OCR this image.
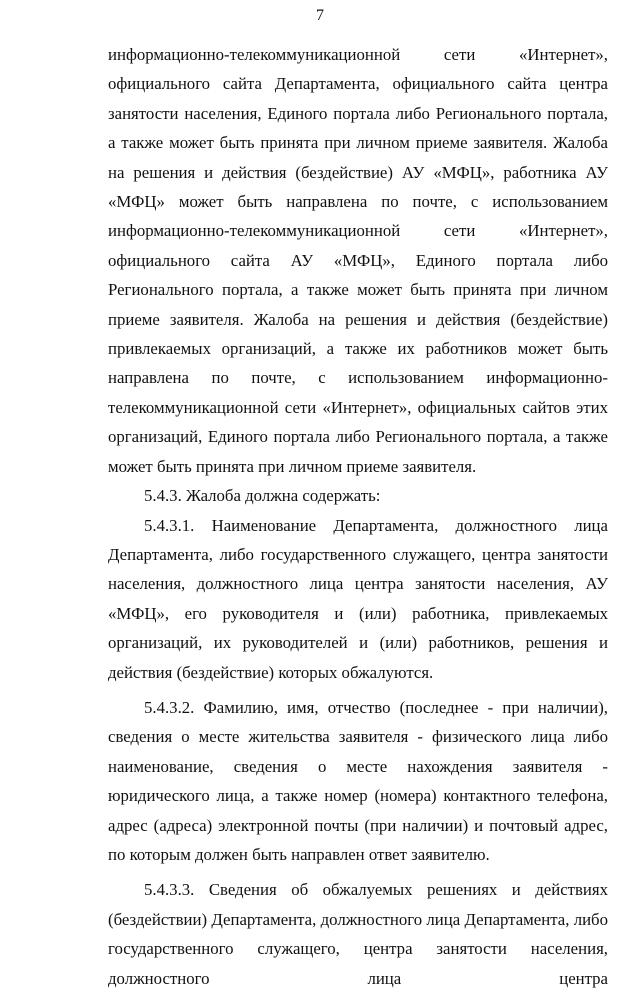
7

информационно-телекоммуникационной сети «Интернет», официального сайта Департамента, официального сайта центра занятости населения, Единого портала либо Регионального портала, а также может быть принята при личном приеме заявителя. Жалоба на решения и действия (бездействие) АУ «МФЦ», работника АУ «МФЦ» может быть направлена по почте, с использованием информационно-телекоммуникационной сети «Интернет», официального сайта АУ «МФЦ», Единого портала либо Регионального портала, а также может быть принята при личном приеме заявителя. Жалоба на решения и действия (бездействие) привлекаемых организаций, а также их работников может быть направлена по почте, с использованием информационно-телекоммуникационной сети «Интернет», официальных сайтов этих организаций, Единого портала либо Регионального портала, а также может быть принята при личном приеме заявителя.

5.4.3. Жалоба должна содержать:

5.4.3.1. Наименование Департамента, должностного лица Департамента, либо государственного служащего, центра занятости населения, должностного лица центра занятости населения, АУ «МФЦ», его руководителя и (или) работника, привлекаемых организаций, их руководителей и (или) работников, решения и действия (бездействие) которых обжалуются.

5.4.3.2. Фамилию, имя, отчество (последнее - при наличии), сведения о месте жительства заявителя - физического лица либо наименование, сведения о месте нахождения заявителя - юридического лица, а также номер (номера) контактного телефона, адрес (адреса) электронной почты (при наличии) и почтовый адрес, по которым должен быть направлен ответ заявителю.

5.4.3.3. Сведения об обжалуемых решениях и действиях (бездействии) Департамента, должностного лица Департамента, либо государственного служащего, центра занятости населения, должностного лица центра
